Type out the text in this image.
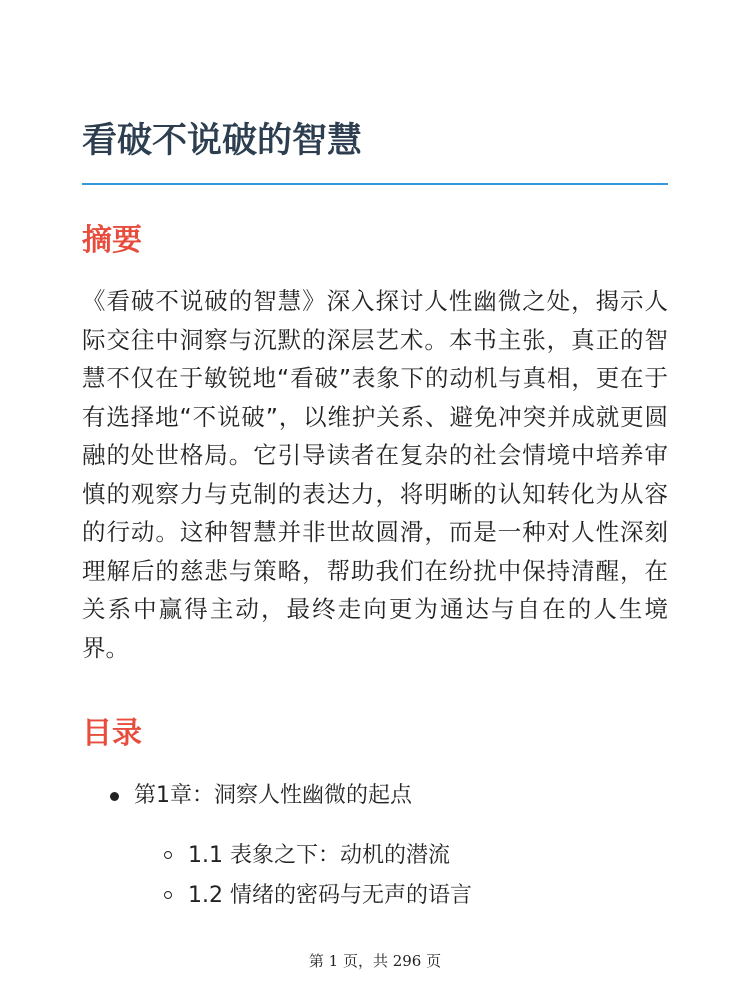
看破不说破的智慧
摘要

《看破不说破的智慧》深入探讨人性幽微之处，揭示人际交往中洞察与沉默的深层艺术。本书主张，真正的智慧不仅在于敏锐地“看破”表象下的动机与真相，更在于有选择地“不说破”，以维护关系、避免冲突并成就更圆融的处世格局。它引导读者在复杂的社会情境中培养审慎的观察力与克制的表达力，将明晰的认知转化为从容的行动。这种智慧并非世故圆滑，而是一种对人性深刻理解后的慈悲与策略，帮助我们在纷扰中保持清醒，在关系中赢得主动，最终走向更为通达与自在的人生境界。

目录
第1章：洞察人性幽微的起点
1.1 表象之下：动机的潜流
1.2 情绪的密码与无声的语言
第 1 页，共 296 页
